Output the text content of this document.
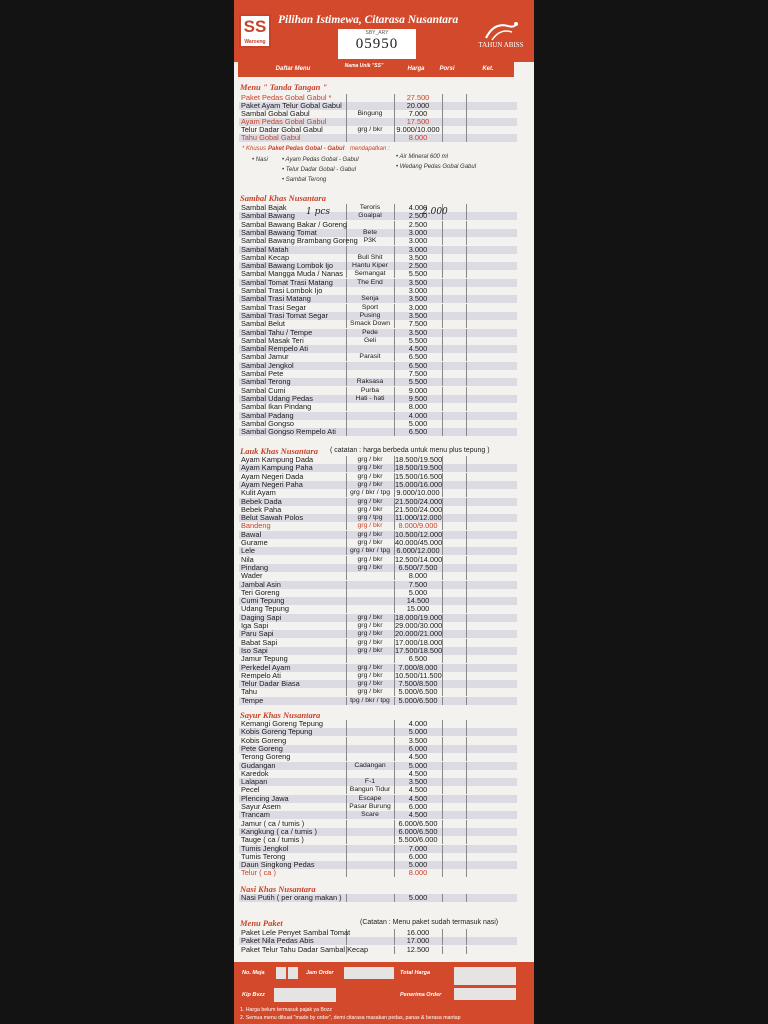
SS
Waroeng
Pilihan Istimewa, Citarasa Nusantara
SBY_ARY
05950	TAHUN ABISS
Daftar Menu	Nama Unik "SS"	Harga	Porsi	Ket.
Menu " Tanda Tangan "
Paket Pedas Gobal Gabul *	27.500
Paket Ayam Telur Gobal Gabul	20.000
Sambal Gobal Gabul	Bingung	7.000
Ayam Pedas Gobal Gabul	17.500
Telur Dadar Gobal Gabul	grg / bkr	9.000/10.000
Tahu Gobal Gabul	8.000
* Khusus Paket Pedas Gobal - Gabul mendapatkan :
• Nasi • Ayam Pedas Gobal - Gabul
• Telur Dadar Gobal - Gabul
• Sambal Terong
• Air Mineral 600 ml
• Wedang Pedas Gobal Gabul
Sambal Khas Nusantara
Sambal Bajak	Teroris	4.000
Sambal Bawang	Goalpal	2.500
Sambal Bawang Bakar / Goreng	2.500
Sambal Bawang Tomat	Bete	3.000
Sambal Bawang Brambang Goreng P3K	3.000
Sambal Matah	3.000
Sambal Kecap	Bull Shit	3.500
Sambal Bawang Lombok Ijo	Hantu Kiper	2.500
Sambal Mangga Muda / Nanas	Semangat	5.500
Sambal Tomat Trasi Matang	The End	3.500
Sambal Trasi Lombok Ijo	3.000
Sambal Trasi Matang	Senja	3.500
Sambal Trasi Segar	Sport	3.000
Sambal Trasi Tomat Segar	Pusing	3.500
Sambal Belut	Smack Down	7.500
Sambal Tahu / Tempe	Pede	3.500
Sambal Masak Teri	Geli	5.500
Sambal Rempelo Ati	4.500
Sambal Jamur	Parasit	6.500
Sambal Jengkol	6.500
Sambal Pete	7.500
Sambal Terong	Raksasa	5.500
Sambal Cumi	Purba	9.000
Sambal Udang Pedas	Hati - hati	9.500
Sambal Ikan Pindang	8.000
Sambal Padang	4.000
Sambal Gongso	5.000
Sambal Gongso Rempelo Ati	6.500
Lauk Khas Nusantara ( catatan : harga berbeda untuk menu plus tepung )
Ayam Kampung Dada	grg / bkr	18.500/19.500
Ayam Kampung Paha	grg / bkr	18.500/19.500
Ayam Negeri Dada	grg / bkr	15.500/16.500
Ayam Negeri Paha	grg / bkr	15.000/16.000
Kulit Ayam	grg / bkr / tpg 9.000/10.000
Bebek Dada	grg / bkr	21.500/24.000
Bebek Paha	grg / bkr	21.500/24.000
Belut Sawah Polos	grg / tpg	11.000/12.000
Bandeng	grg / bkr	8.000/9.000
Bawal	grg / bkr	10.500/12.000
Gurame	grg / bkr	40.000/45.000
Lele	grg / bkr / tpg 6.000/12.000
Nila	grg / bkr	12.500/14.000
Pindang	grg / bkr	6.500/7.500
Wader	8.000
Jambal Asin	7.500
Teri Goreng	5.000
Cumi Tepung	14.500
Udang Tepung	15.000
Daging Sapi	grg / bkr	18.000/19.000
Iga Sapi	grg / bkr	29.000/30.000
Paru Sapi	grg / bkr	20.000/21.000
Babat Sapi	grg / bkr	17.000/18.000
Iso Sapi	grg / bkr	17.500/18.500
Jamur Tepung	6.500
Perkedel Ayam	grg / bkr	7.000/8.000
Rempelo Ati	grg / bkr	10.500/11.500
Telur Dadar Biasa	grg / bkr	7.500/8.500
Tahu	grg / bkr	5.000/6.500
Tempe	tpg / bkr / tpg	5.000/6.500
Sayur Khas Nusantara
Kemangi Goreng Tepung	4.000
Kobis Goreng Tepung	5.000
Kobis Goreng	3.500
Pete Goreng	6.000
Terong Goreng	4.500
Gudangan	Cadangan	5.000
Karedok	4.500
Lalapan	F-1	3.500
Pecel	Bangun Tidur	4.500
Plencing Jawa	Escape	4.500
Sayur Asem	Pasar Burung	6.000
Trancam	Scare	4.500
Jamur ( ca / tumis )	6.000/6.500
Kangkung ( ca / tumis )	6.000/6.500
Tauge ( ca / tumis )	5.500/6.000
Tumis Jengkol	7.000
Tumis Terong	6.000
Daun Singkong Pedas	5.000
Telur ( ca )	8.000
Nasi Khas Nusantara
Nasi Putih ( per orang makan )	5.000
Menu Paket	(Catatan : Menu paket sudah termasuk nasi)
Paket Lele Penyet Sambal Tomat	16.000
Paket Nila Pedas Abis	17.000
Paket Telur Tahu Dadar Sambal Kecap	12.500
1 pcs	2.000
No. Meja	Jam Order	Total Harga
Kip Bvzz	Penerima Order
1. Harga belum termasuk pajak ya Bozz
2. Semua menu dibuat "made by order", demi citarasa masakan pedas, panas & berasa mantap
